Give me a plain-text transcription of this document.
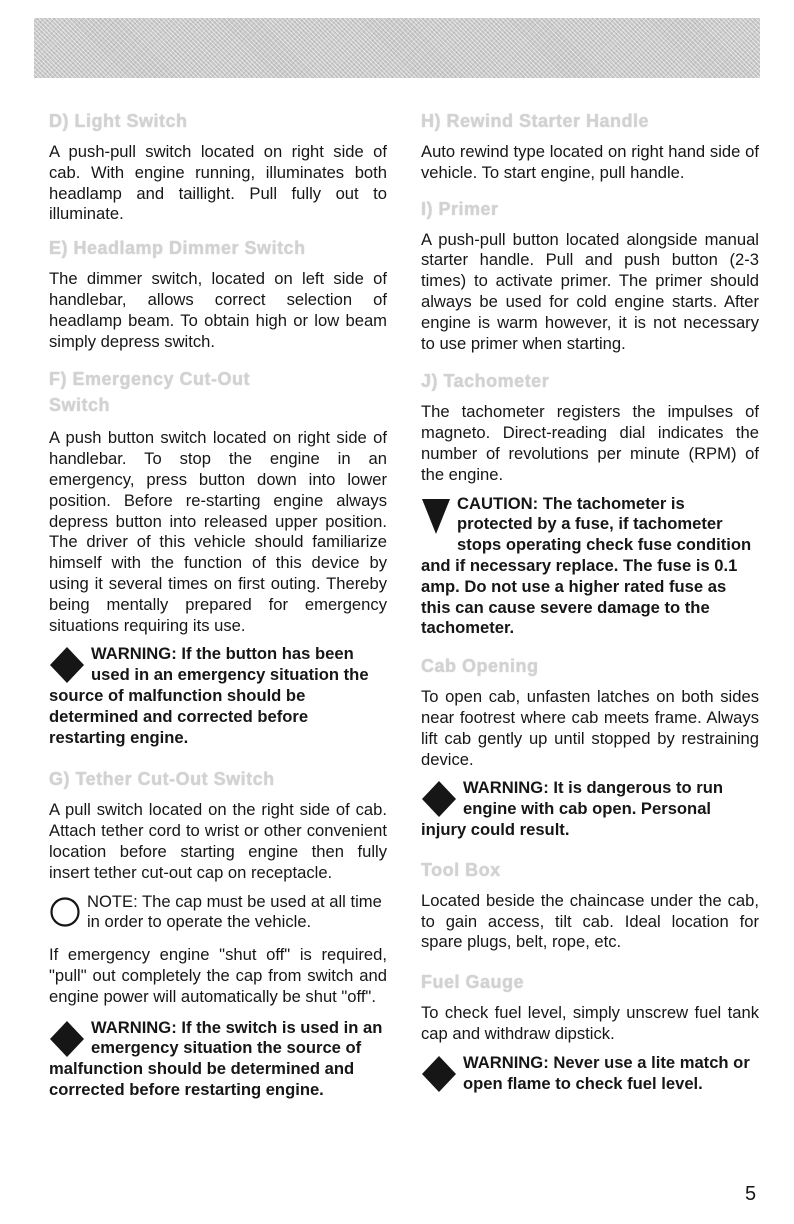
D) Light Switch
A push-pull switch located on right side of cab. With engine running, illuminates both headlamp and taillight. Pull fully out to illuminate.
E) Headlamp Dimmer Switch
The dimmer switch, located on left side of handlebar, allows correct selection of headlamp beam. To obtain high or low beam simply depress switch.
F) Emergency Cut-Out Switch
A push button switch located on right side of handlebar. To stop the engine in an emergency, press button down into lower position. Before re-starting engine always depress button into released upper position. The driver of this vehicle should familiarize himself with the function of this device by using it several times on first outing. Thereby being mentally prepared for emergency situations requiring its use.
WARNING: If the button has been used in an emergency situation the source of malfunction should be determined and corrected before restarting engine.
G) Tether Cut-Out Switch
A pull switch located on the right side of cab. Attach tether cord to wrist or other convenient location before starting engine then fully insert tether cut-out cap on receptacle.
NOTE: The cap must be used at all time in order to operate the vehicle.
If emergency engine "shut off" is required, "pull" out completely the cap from switch and engine power will automatically be shut "off".
WARNING: If the switch is used in an emergency situation the source of malfunction should be determined and corrected before restarting engine.
H) Rewind Starter Handle
Auto rewind type located on right hand side of vehicle. To start engine, pull handle.
I) Primer
A push-pull button located alongside manual starter handle. Pull and push button (2-3 times) to activate primer. The primer should always be used for cold engine starts. After engine is warm however, it is not necessary to use primer when starting.
J) Tachometer
The tachometer registers the impulses of magneto. Direct-reading dial indicates the number of revolutions per minute (RPM) of the engine.
CAUTION: The tachometer is protected by a fuse, if tachometer stops operating check fuse condition and if necessary replace. The fuse is 0.1 amp. Do not use a higher rated fuse as this can cause severe damage to the tachometer.
Cab Opening
To open cab, unfasten latches on both sides near footrest where cab meets frame. Always lift cab gently up until stopped by restraining device.
WARNING: It is dangerous to run engine with cab open. Personal injury could result.
Tool Box
Located beside the chaincase under the cab, to gain access, tilt cab. Ideal location for spare plugs, belt, rope, etc.
Fuel Gauge
To check fuel level, simply unscrew fuel tank cap and withdraw dipstick.
WARNING: Never use a lite match or open flame to check fuel level.
5
